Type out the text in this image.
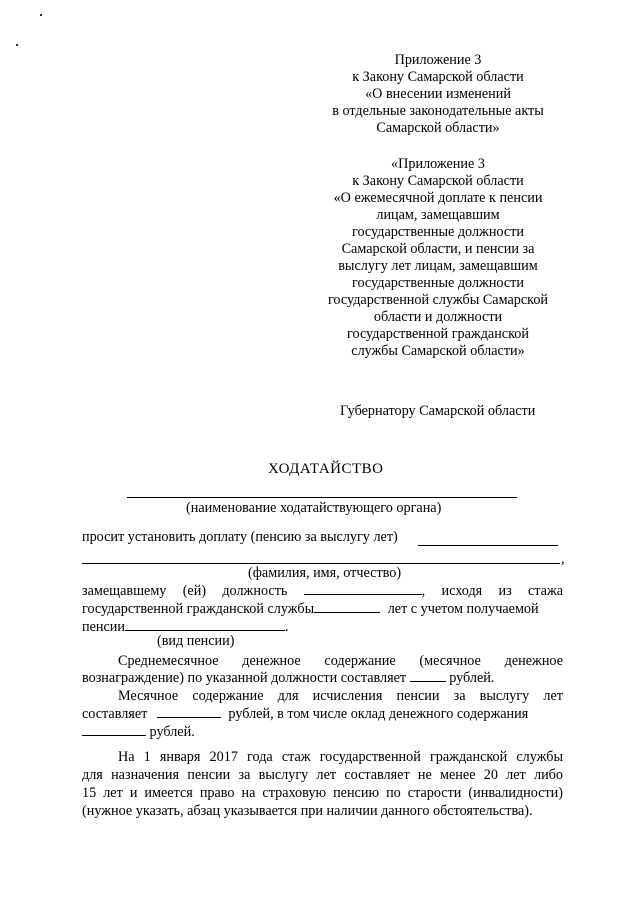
Приложение 3
к Закону Самарской области
«О внесении изменений
в отдельные законодательные акты
Самарской области»
«Приложение 3
к Закону Самарской области
«О ежемесячной доплате к пенсии
лицам, замещавшим
государственные должности
Самарской области, и пенсии за
выслугу лет лицам, замещавшим
государственные должности
государственной службы Самарской
области и должности
государственной гражданской
службы Самарской области»
Губернатору Самарской области
ХОДАТАЙСТВО
(наименование ходатайствующего органа)
просит установить доплату (пенсию за выслугу лет)
,
(фамилия, имя, отчество)
замещавшему (ей) должность	, исходя из стажа
государственной гражданской службы	лет с учетом получаемой
пенсии	.
(вид пенсии)
Среднемесячное денежное содержание (месячное денежное
вознаграждение) по указанной должности составляет	рублей.
Месячное содержание для исчисления пенсии за выслугу лет
составляет	рублей, в том числе оклад денежного содержания
рублей.
На 1 января 2017 года стаж государственной гражданской службы
для назначения пенсии за выслугу лет составляет не менее 20 лет либо
15 лет и имеется право на страховую пенсию по старости (инвалидности)
(нужное указать, абзац указывается при наличии данного обстоятельства).
